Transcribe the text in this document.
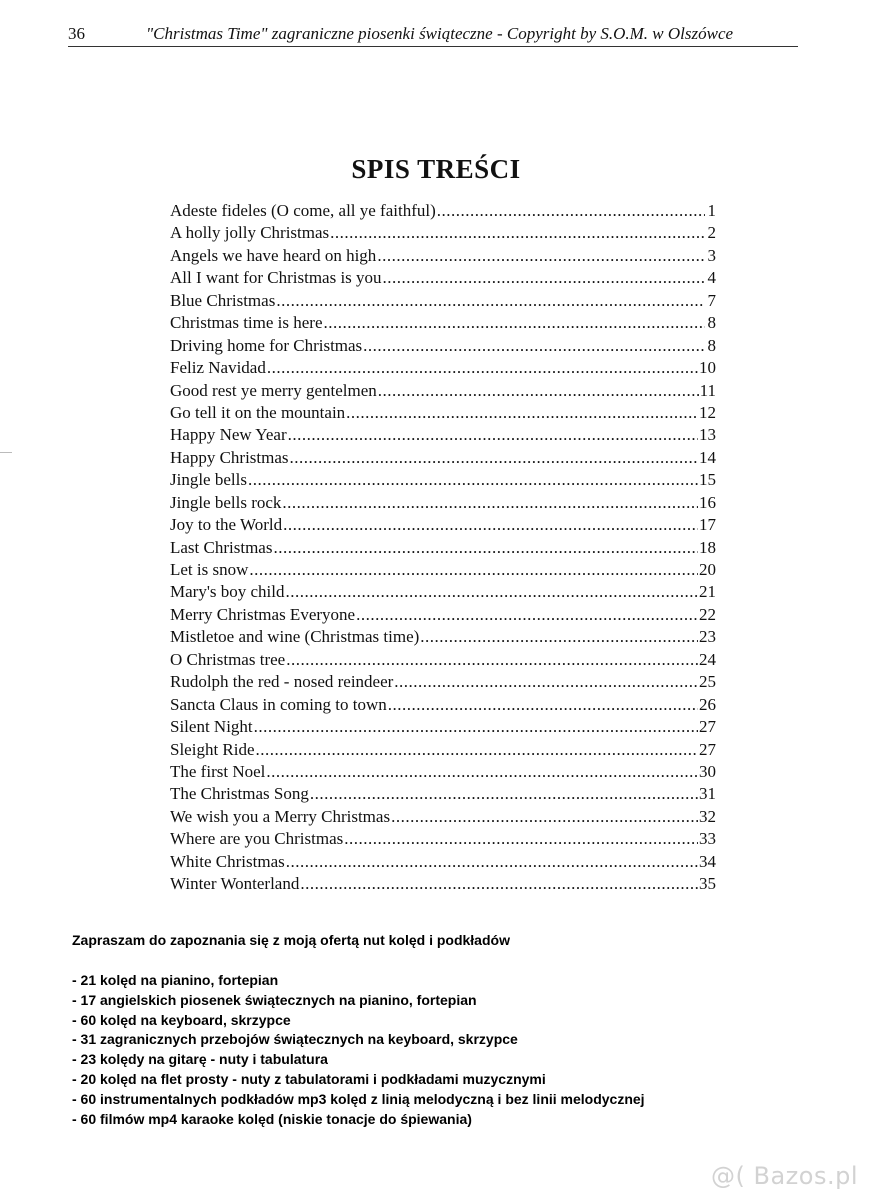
36	"Christmas Time" zagraniczne piosenki świąteczne - Copyright by S.O.M. w Olszówce
SPIS TREŚCI
Adeste fideles (O come, all ye faithful) .....	1
A holly jolly Christmas .....	2
Angels we have heard on high .....	3
All I want for Christmas is you .....	4
Blue Christmas .....	7
Christmas time is here .....	8
Driving home for Christmas .....	8
Feliz Navidad .....	10
Good rest ye merry gentelmen .....	11
Go tell it on the mountain .....	12
Happy New Year .....	13
Happy Christmas .....	14
Jingle bells .....	15
Jingle bells rock .....	16
Joy to the World .....	17
Last Christmas .....	18
Let is snow .....	20
Mary's boy child .....	21
Merry Christmas Everyone .....	22
Mistletoe and wine (Christmas time) .....	23
O Christmas tree .....	24
Rudolph the red - nosed reindeer .....	25
Sancta Claus in coming to town .....	26
Silent Night .....	27
Sleight Ride .....	27
The first Noel .....	30
The Christmas Song .....	31
We wish you a Merry Christmas .....	32
Where are you Christmas .....	33
White Christmas .....	34
Winter Wonterland .....	35

Zapraszam do zapoznania się z moją ofertą nut kolęd i podkładów

- 21 kolęd na pianino, fortepian
- 17 angielskich piosenek świątecznych na pianino, fortepian
- 60 kolęd na keyboard, skrzypce
- 31 zagranicznych przebojów świątecznych na keyboard, skrzypce
- 23 kolędy na gitarę - nuty i tabulatura
- 20 kolęd na flet prosty - nuty z tabulatorami i podkładami muzycznymi
- 60 instrumentalnych podkładów mp3 kolęd z linią melodyczną i bez linii melodycznej
- 60 filmów mp4 karaoke kolęd (niskie tonacje do śpiewania)
@( Bazos.pl
